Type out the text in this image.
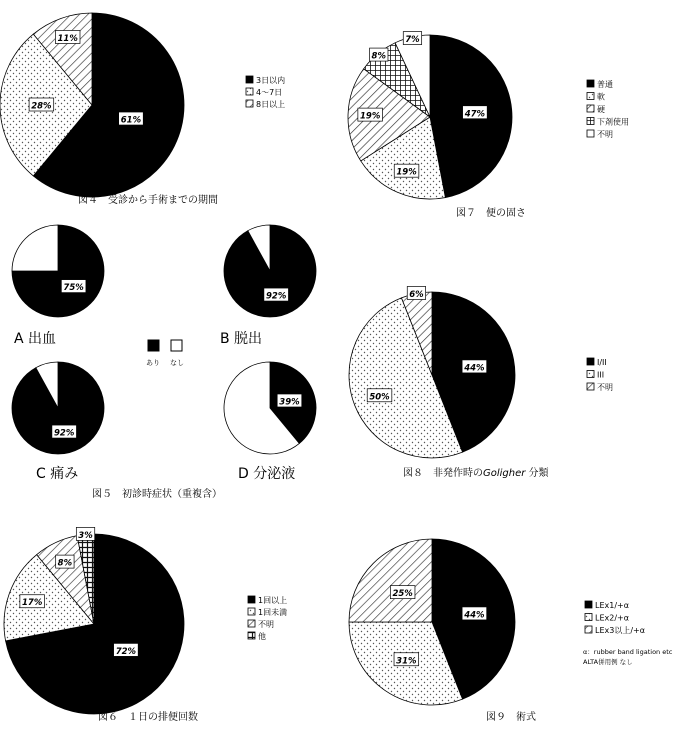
61%
28%
11%
3日以内
4〜7日
8日以上
47%
19%
19%
8%
7%
普通
軟
硬
下剤使用
不明
75%
A 出血
92%
B 脱出
92%
C 痛み
39%
D 分泌液
44%
50%
6%
I/II
III
不明
72%
17%
8%
3%
1回以上
1回未満
不明
他
44%
31%
25%
LEx1/+α
LEx2/+α
LEx3以上/+α
あり なし
図４　受診から手術までの期間
図５　初診時症状（重複含）
図６　１日の排便回数
図７　便の固さ
図８　非発作時のGoligher 分類
図９　術式
α：rubber band ligation etc
ALTA併用例 なし
